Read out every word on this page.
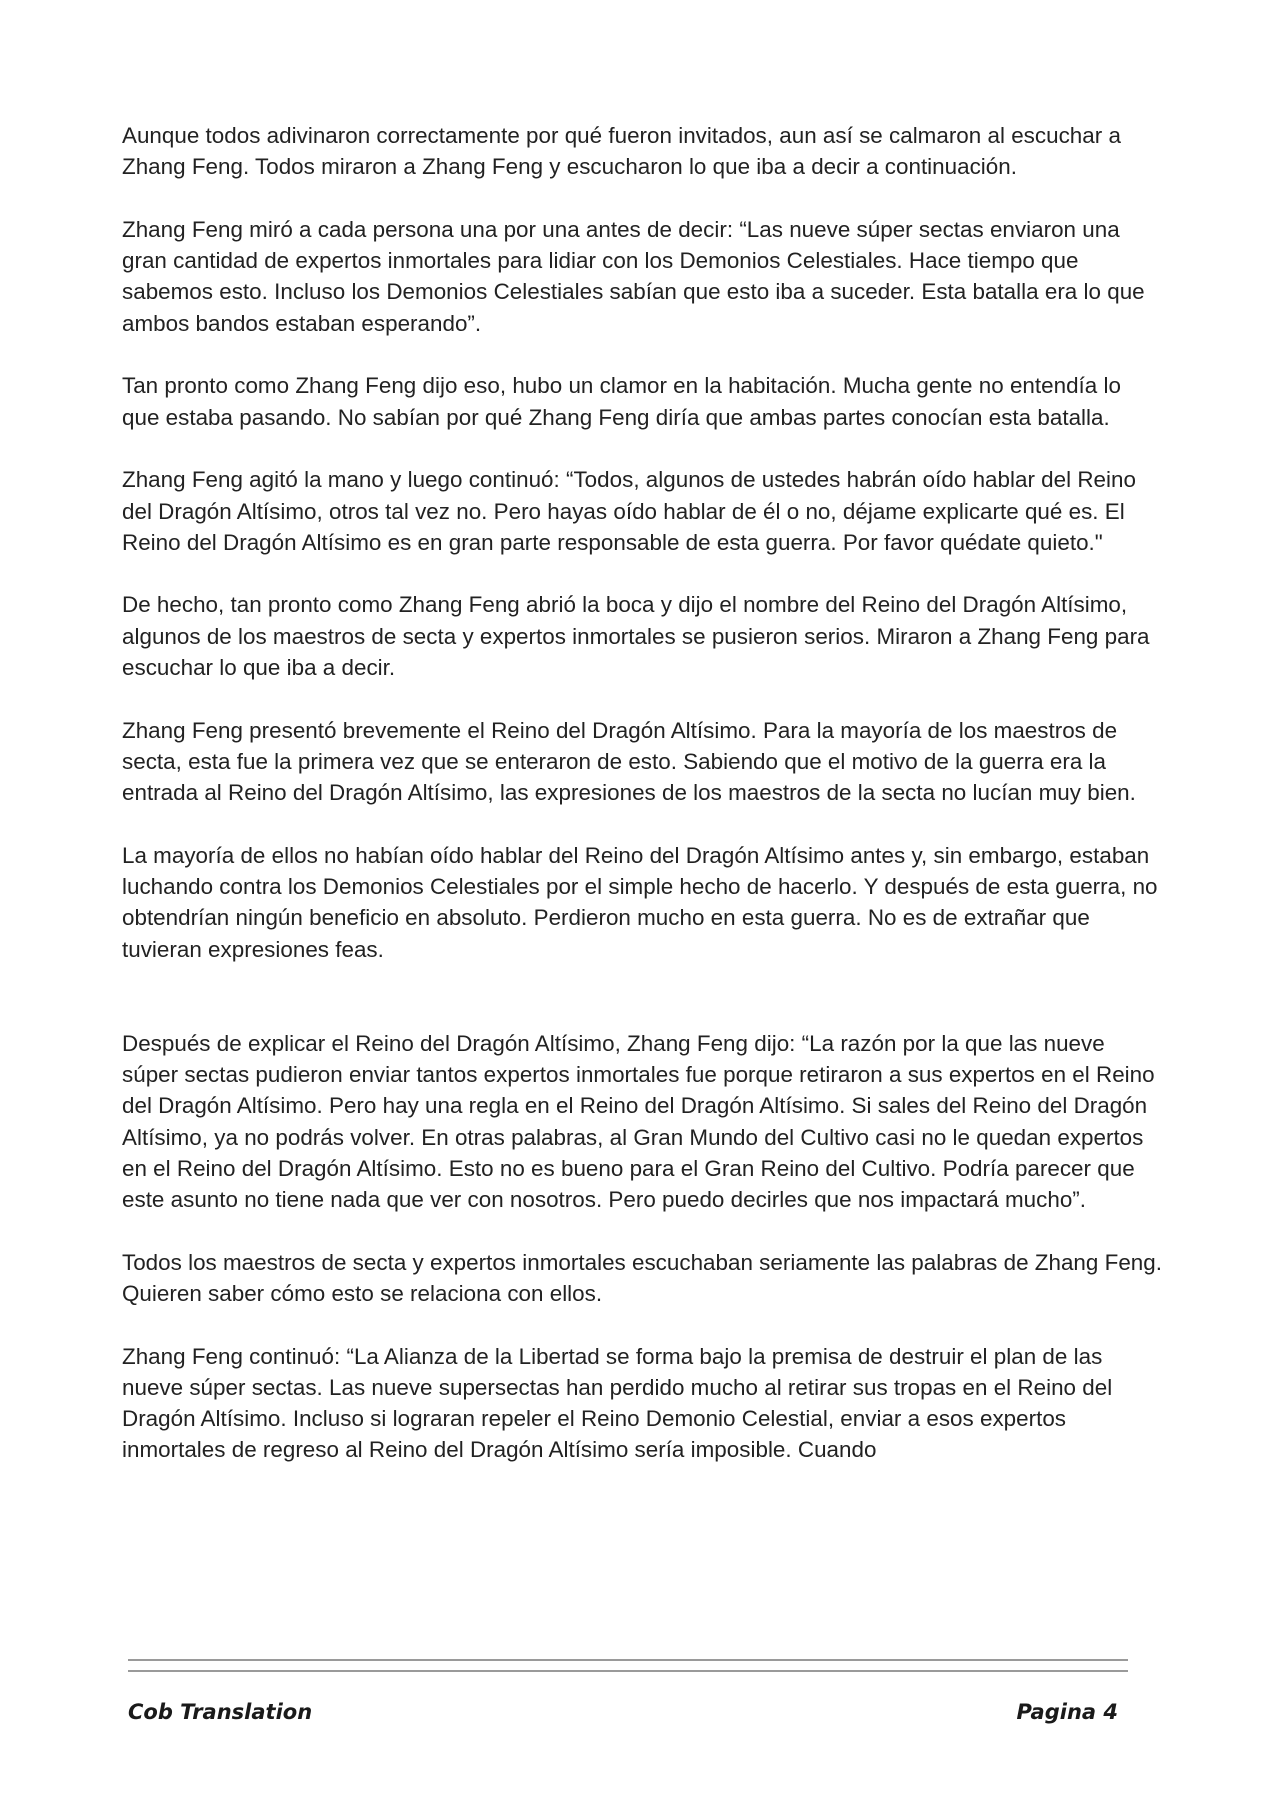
Aunque todos adivinaron correctamente por qué fueron invitados, aun así se calmaron al escuchar a Zhang Feng. Todos miraron a Zhang Feng y escucharon lo que iba a decir a continuación.

Zhang Feng miró a cada persona una por una antes de decir: “Las nueve súper sectas enviaron una gran cantidad de expertos inmortales para lidiar con los Demonios Celestiales. Hace tiempo que sabemos esto. Incluso los Demonios Celestiales sabían que esto iba a suceder. Esta batalla era lo que ambos bandos estaban esperando”.

Tan pronto como Zhang Feng dijo eso, hubo un clamor en la habitación. Mucha gente no entendía lo que estaba pasando. No sabían por qué Zhang Feng diría que ambas partes conocían esta batalla.

Zhang Feng agitó la mano y luego continuó: “Todos, algunos de ustedes habrán oído hablar del Reino del Dragón Altísimo, otros tal vez no. Pero hayas oído hablar de él o no, déjame explicarte qué es. El Reino del Dragón Altísimo es en gran parte responsable de esta guerra. Por favor quédate quieto."

De hecho, tan pronto como Zhang Feng abrió la boca y dijo el nombre del Reino del Dragón Altísimo, algunos de los maestros de secta y expertos inmortales se pusieron serios. Miraron a Zhang Feng para escuchar lo que iba a decir.

Zhang Feng presentó brevemente el Reino del Dragón Altísimo. Para la mayoría de los maestros de secta, esta fue la primera vez que se enteraron de esto. Sabiendo que el motivo de la guerra era la entrada al Reino del Dragón Altísimo, las expresiones de los maestros de la secta no lucían muy bien.

La mayoría de ellos no habían oído hablar del Reino del Dragón Altísimo antes y, sin embargo, estaban luchando contra los Demonios Celestiales por el simple hecho de hacerlo. Y después de esta guerra, no obtendrían ningún beneficio en absoluto. Perdieron mucho en esta guerra. No es de extrañar que tuvieran expresiones feas.

Después de explicar el Reino del Dragón Altísimo, Zhang Feng dijo: “La razón por la que las nueve súper sectas pudieron enviar tantos expertos inmortales fue porque retiraron a sus expertos en el Reino del Dragón Altísimo. Pero hay una regla en el Reino del Dragón Altísimo. Si sales del Reino del Dragón Altísimo, ya no podrás volver. En otras palabras, al Gran Mundo del Cultivo casi no le quedan expertos en el Reino del Dragón Altísimo. Esto no es bueno para el Gran Reino del Cultivo. Podría parecer que este asunto no tiene nada que ver con nosotros. Pero puedo decirles que nos impactará mucho”.

Todos los maestros de secta y expertos inmortales escuchaban seriamente las palabras de Zhang Feng. Quieren saber cómo esto se relaciona con ellos.

Zhang Feng continuó: “La Alianza de la Libertad se forma bajo la premisa de destruir el plan de las nueve súper sectas. Las nueve supersectas han perdido mucho al retirar sus tropas en el Reino del Dragón Altísimo. Incluso si lograran repeler el Reino Demonio Celestial, enviar a esos expertos inmortales de regreso al Reino del Dragón Altísimo sería imposible. Cuando

Cob Translation	Pagina 4
